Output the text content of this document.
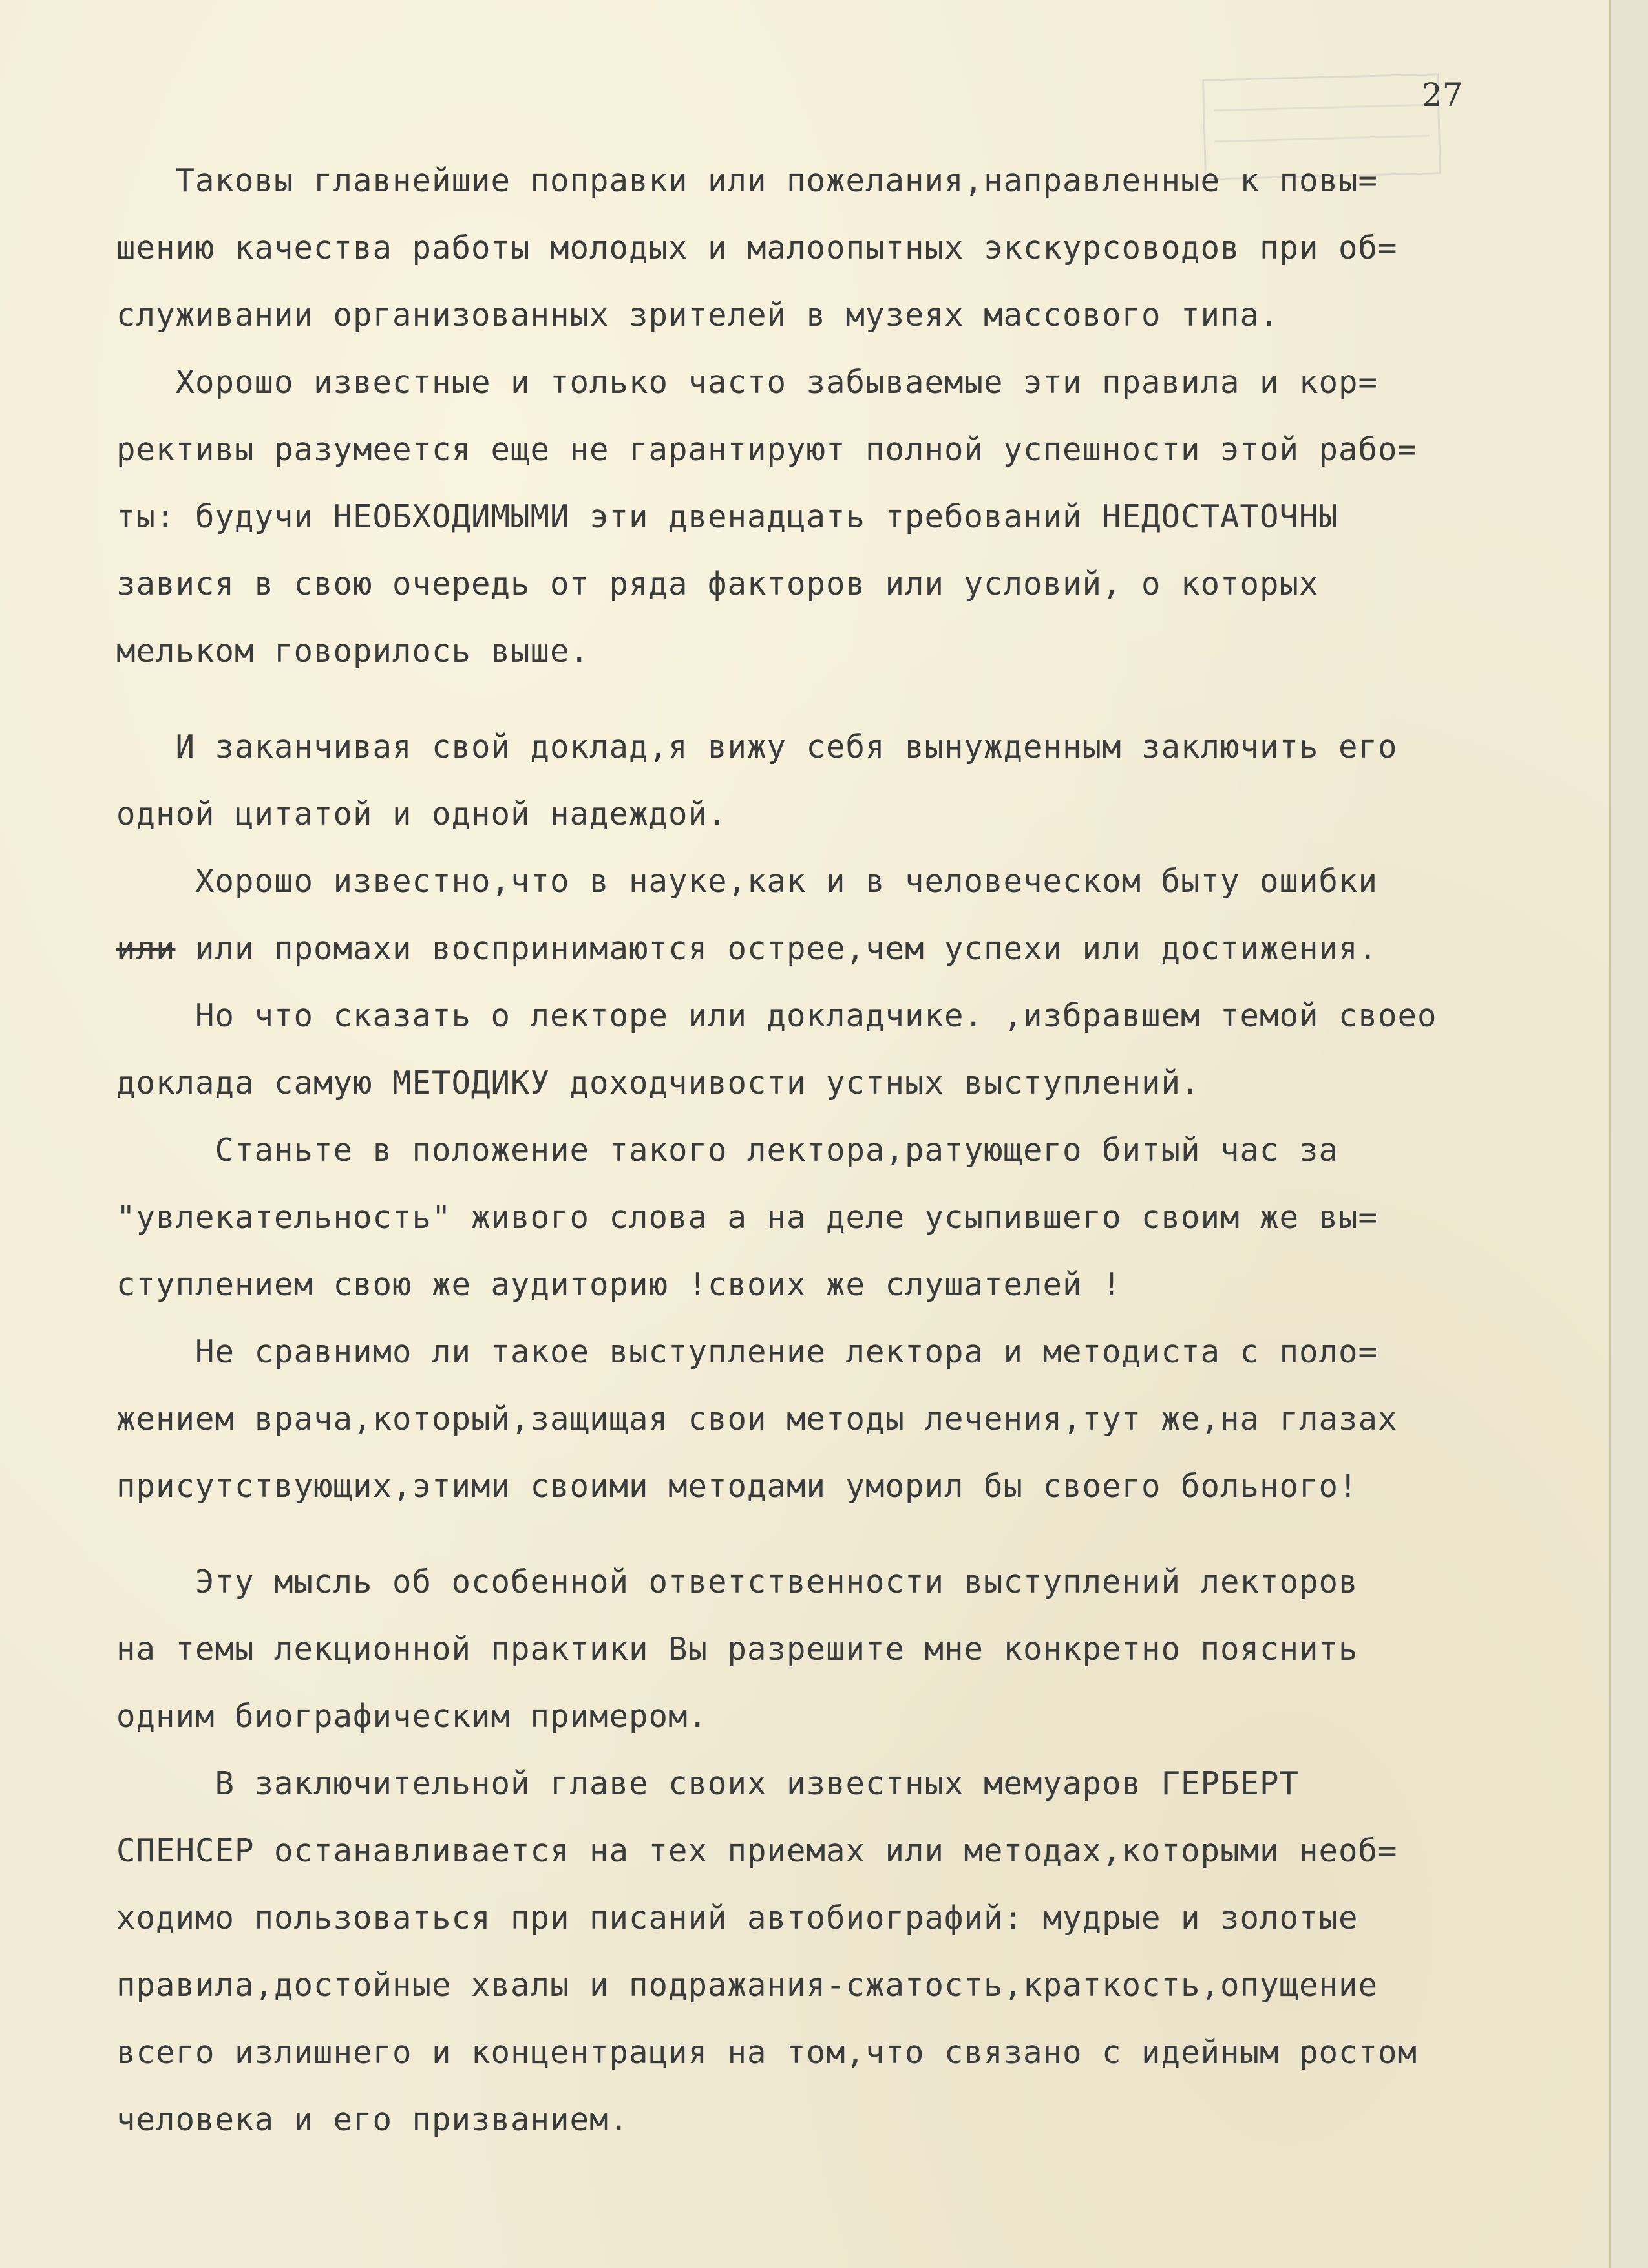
27
Таковы главнейшие поправки или пожелания,направленные к повы=
шению качества работы молодых и малоопытных экскурсоводов при об=
служивании организованных зрителей в музеях массового типа.
Хорошо известные и только часто забываемые эти правила и кор=
рективы разумеется еще не гарантируют полной успешности этой рабо=
ты: будучи НЕОБХОДИМЫМИ эти двенадцать требований НЕДОСТАТОЧНЫ
завися в свою очередь от ряда факторов или условий, о которых
мельком говорилось выше.
И заканчивая свой доклад,я вижу себя вынужденным заключить его
одной цитатой и одной надеждой.
Хорошо известно,что в науке,как и в человеческом быту ошибки
или или промахи воспринимаются острее,чем успехи или достижения.
Но что сказать о лекторе или докладчике. ,избравшем темой своео
доклада самую МЕТОДИКУ доходчивости устных выступлений.
Станьте в положение такого лектора,ратующего битый час за
"увлекательность" живого слова а на деле усыпившего своим же вы=
ступлением свою же аудиторию !своих же слушателей !
Не сравнимо ли такое выступление лектора и методиста с поло=
жением врача,который,защищая свои методы лечения,тут же,на глазах
присутствующих,этими своими методами уморил бы своего больного!
Эту мысль об особенной ответственности выступлений лекторов
на темы лекционной практики Вы разрешите мне конкретно пояснить
одним биографическим примером.
В заключительной главе своих известных мемуаров ГЕРБЕРТ
СПЕНСЕР останавливается на тех приемах или методах,которыми необ=
ходимо пользоваться при писаний автобиографий: мудрые и золотые
правила,достойные хвалы и подражания-сжатость,краткость,опущение
всего излишнего и концентрация на том,что связано с идейным ростом
человека и его призванием.
